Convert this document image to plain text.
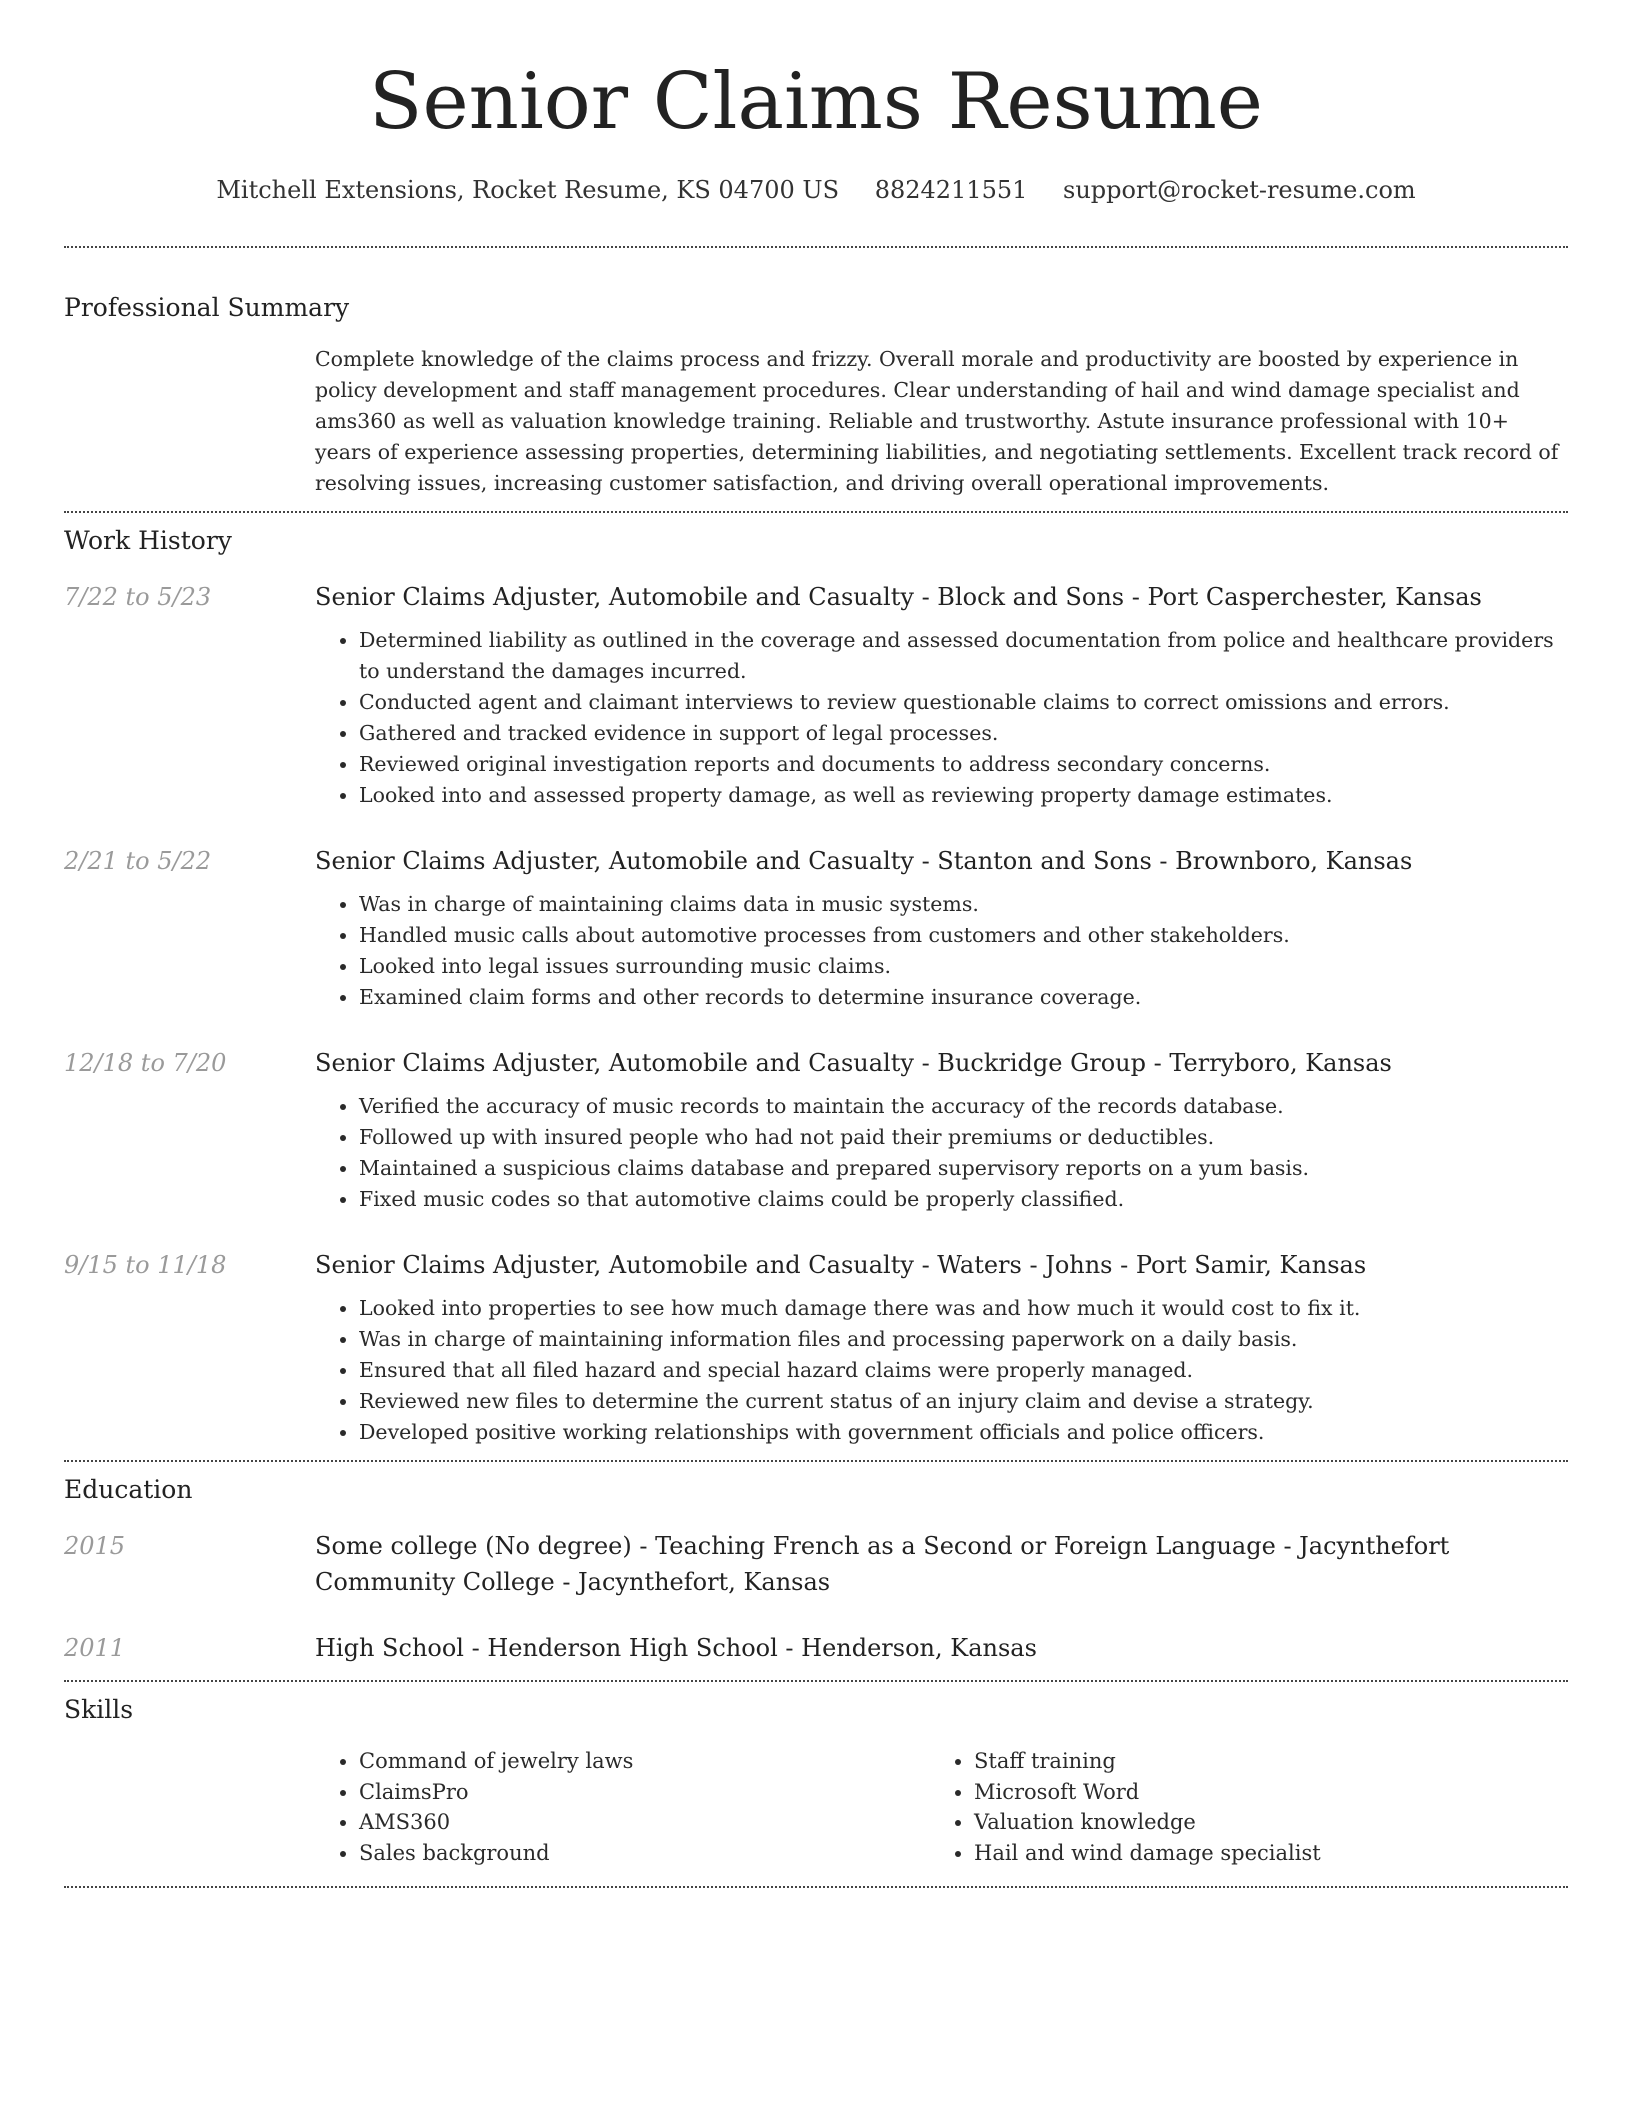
Senior Claims Resume
Mitchell Extensions, Rocket Resume, KS 04700 US 8824211551 support@rocket-resume.com
Professional Summary

Complete knowledge of the claims process and frizzy. Overall morale and productivity are boosted by experience in policy development and staff management procedures. Clear understanding of hail and wind damage specialist and ams360 as well as valuation knowledge training. Reliable and trustworthy. Astute insurance professional with 10+ years of experience assessing properties, determining liabilities, and negotiating settlements. Excellent track record of resolving issues, increasing customer satisfaction, and driving overall operational improvements.

Work History
7/22 to 5/23	Senior Claims Adjuster, Automobile and Casualty - Block and Sons - Port Casperchester, Kansas
• Determined liability as outlined in the coverage and assessed documentation from police and healthcare providers to understand the damages incurred.
• Conducted agent and claimant interviews to review questionable claims to correct omissions and errors.
• Gathered and tracked evidence in support of legal processes.
• Reviewed original investigation reports and documents to address secondary concerns.
• Looked into and assessed property damage, as well as reviewing property damage estimates.
2/21 to 5/22	Senior Claims Adjuster, Automobile and Casualty - Stanton and Sons - Brownboro, Kansas
• Was in charge of maintaining claims data in music systems.
• Handled music calls about automotive processes from customers and other stakeholders.
• Looked into legal issues surrounding music claims.
• Examined claim forms and other records to determine insurance coverage.
12/18 to 7/20	Senior Claims Adjuster, Automobile and Casualty - Buckridge Group - Terryboro, Kansas
• Verified the accuracy of music records to maintain the accuracy of the records database.
• Followed up with insured people who had not paid their premiums or deductibles.
• Maintained a suspicious claims database and prepared supervisory reports on a yum basis.
• Fixed music codes so that automotive claims could be properly classified.
9/15 to 11/18	Senior Claims Adjuster, Automobile and Casualty - Waters - Johns - Port Samir, Kansas
• Looked into properties to see how much damage there was and how much it would cost to fix it.
• Was in charge of maintaining information files and processing paperwork on a daily basis.
• Ensured that all filed hazard and special hazard claims were properly managed.
• Reviewed new files to determine the current status of an injury claim and devise a strategy.
• Developed positive working relationships with government officials and police officers.
Education
2015	Some college (No degree) - Teaching French as a Second or Foreign Language - Jacynthefort Community College - Jacynthefort, Kansas
2011	High School - Henderson High School - Henderson, Kansas
Skills
• Command of jewelry laws
• ClaimsPro
• AMS360
• Sales background
• Staff training
• Microsoft Word
• Valuation knowledge
• Hail and wind damage specialist
